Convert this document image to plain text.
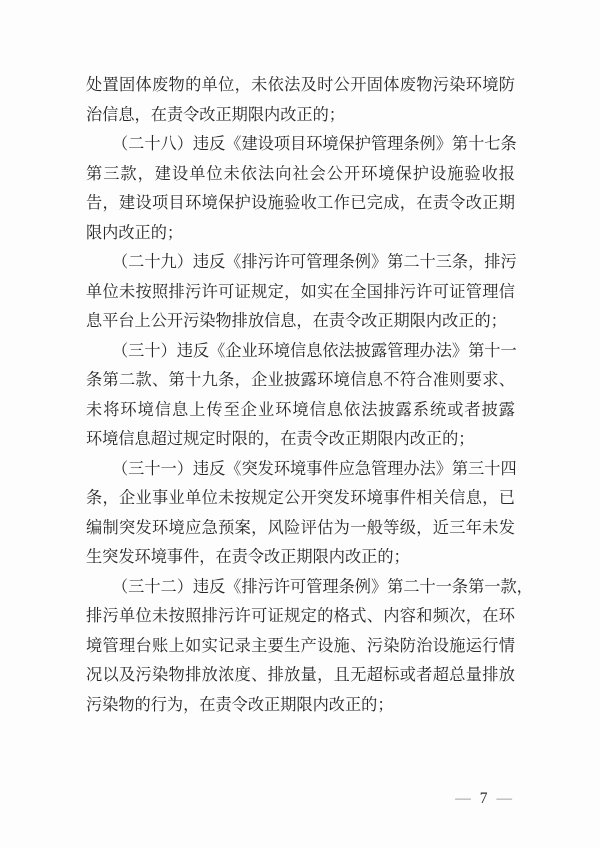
处置固体废物的单位，未依法及时公开固体废物污染环境防
治信息，在责令改正期限内改正的；
（二十八）违反《建设项目环境保护管理条例》第十七条
第三款，建设单位未依法向社会公开环境保护设施验收报
告，建设项目环境保护设施验收工作已完成，在责令改正期
限内改正的；
（二十九）违反《排污许可管理条例》第二十三条，排污
单位未按照排污许可证规定，如实在全国排污许可证管理信
息平台上公开污染物排放信息，在责令改正期限内改正的；
（三十）违反《企业环境信息依法披露管理办法》第十一
条第二款、第十九条，企业披露环境信息不符合准则要求、
未将环境信息上传至企业环境信息依法披露系统或者披露
环境信息超过规定时限的，在责令改正期限内改正的；
（三十一）违反《突发环境事件应急管理办法》第三十四
条，企业事业单位未按规定公开突发环境事件相关信息，已
编制突发环境应急预案，风险评估为一般等级，近三年未发
生突发环境事件，在责令改正期限内改正的；
（三十二）违反《排污许可管理条例》第二十一条第一款，
排污单位未按照排污许可证规定的格式、内容和频次，在环
境管理台账上如实记录主要生产设施、污染防治设施运行情
况以及污染物排放浓度、排放量，且无超标或者超总量排放
污染物的行为，在责令改正期限内改正的；
— 7 —
